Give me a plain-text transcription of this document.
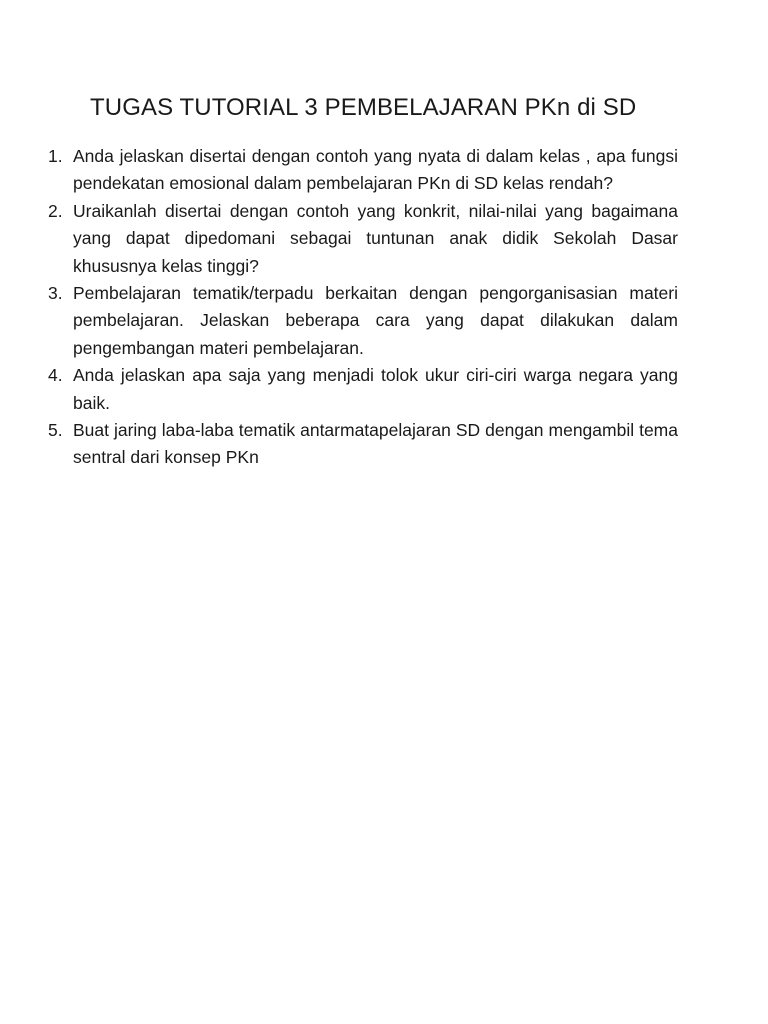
TUGAS TUTORIAL 3 PEMBELAJARAN PKn di SD
1. Anda jelaskan disertai dengan contoh yang nyata di dalam kelas , apa fungsi pendekatan emosional dalam pembelajaran PKn di SD kelas rendah?
2. Uraikanlah disertai dengan contoh yang konkrit, nilai-nilai yang bagaimana yang dapat dipedomani sebagai tuntunan anak didik Sekolah Dasar khususnya kelas tinggi?
3. Pembelajaran tematik/terpadu berkaitan dengan pengorganisasian materi pembelajaran. Jelaskan beberapa cara yang dapat dilakukan dalam pengembangan materi pembelajaran.
4. Anda jelaskan apa saja yang menjadi tolok ukur ciri-ciri warga negara yang baik.
5. Buat jaring laba-laba tematik antarmatapelajaran SD dengan mengambil tema sentral dari konsep PKn
